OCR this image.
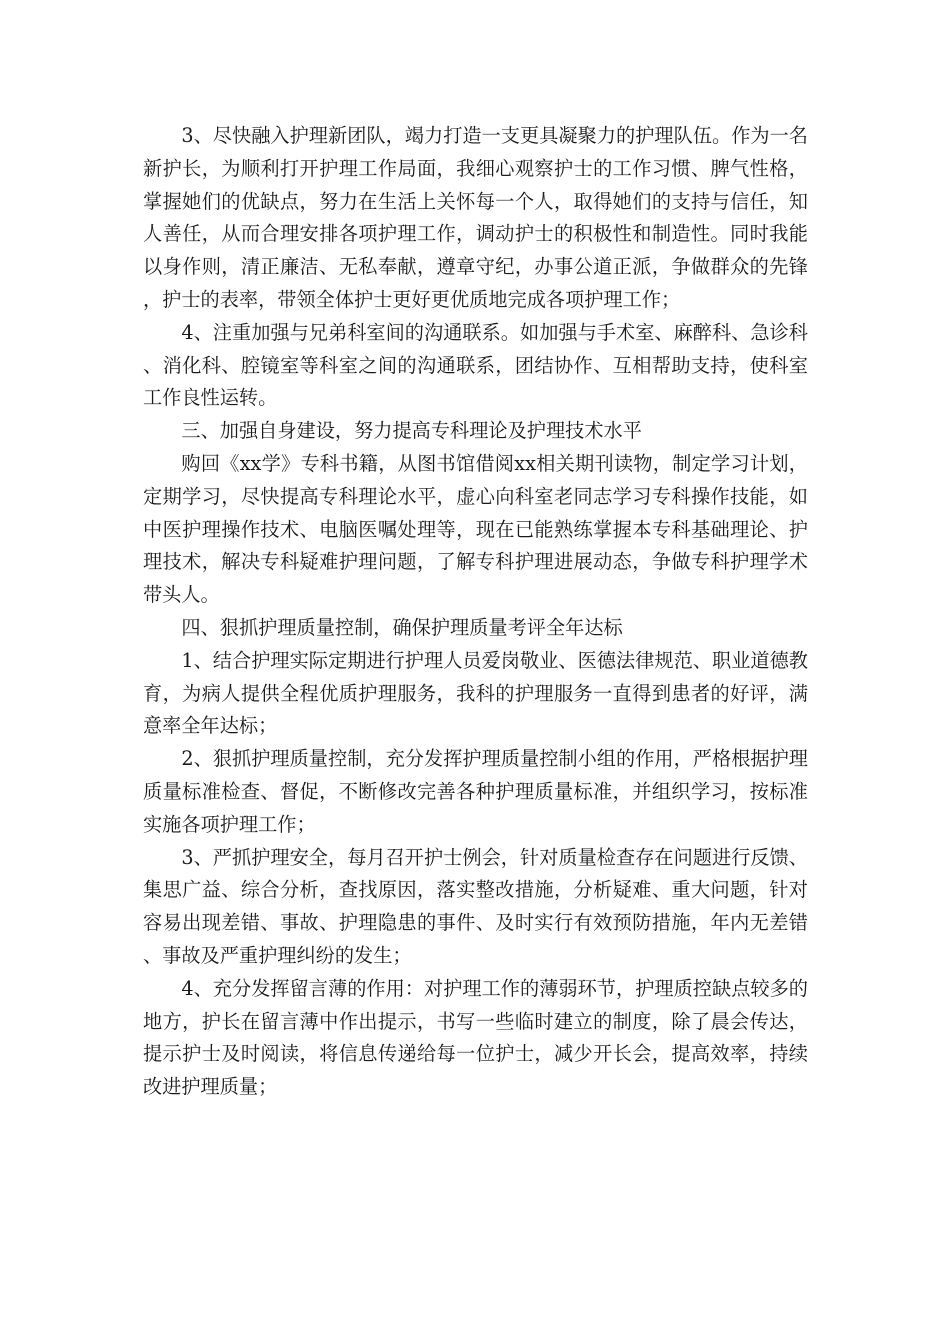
3、尽快融入护理新团队，竭力打造一支更具凝聚力的护理队伍。作为一名新护长，为顺利打开护理工作局面，我细心观察护士的工作习惯、脾气性格，掌握她们的优缺点，努力在生活上关怀每一个人，取得她们的支持与信任，知人善任，从而合理安排各项护理工作，调动护士的积极性和制造性。同时我能以身作则，清正廉洁、无私奉献，遵章守纪，办事公道正派，争做群众的先锋，护士的表率，带领全体护士更好更优质地完成各项护理工作；

4、注重加强与兄弟科室间的沟通联系。如加强与手术室、麻醉科、急诊科、消化科、腔镜室等科室之间的沟通联系，团结协作、互相帮助支持，使科室工作良性运转。

三、加强自身建设，努力提高专科理论及护理技术水平

购回《xx学》专科书籍，从图书馆借阅xx相关期刊读物，制定学习计划，定期学习，尽快提高专科理论水平，虚心向科室老同志学习专科操作技能，如中医护理操作技术、电脑医嘱处理等，现在已能熟练掌握本专科基础理论、护理技术，解决专科疑难护理问题，了解专科护理进展动态，争做专科护理学术带头人。

四、狠抓护理质量控制，确保护理质量考评全年达标

1、结合护理实际定期进行护理人员爱岗敬业、医德法律规范、职业道德教育，为病人提供全程优质护理服务，我科的护理服务一直得到患者的好评，满意率全年达标；

2、狠抓护理质量控制，充分发挥护理质量控制小组的作用，严格根据护理质量标准检查、督促，不断修改完善各种护理质量标准，并组织学习，按标准实施各项护理工作；

3、严抓护理安全，每月召开护士例会，针对质量检查存在问题进行反馈、集思广益、综合分析，查找原因，落实整改措施，分析疑难、重大问题，针对容易出现差错、事故、护理隐患的事件、及时实行有效预防措施，年内无差错、事故及严重护理纠纷的发生；

4、充分发挥留言薄的作用：对护理工作的薄弱环节，护理质控缺点较多的地方，护长在留言薄中作出提示，书写一些临时建立的制度，除了晨会传达，提示护士及时阅读，将信息传递给每一位护士，减少开长会，提高效率，持续改进护理质量；
